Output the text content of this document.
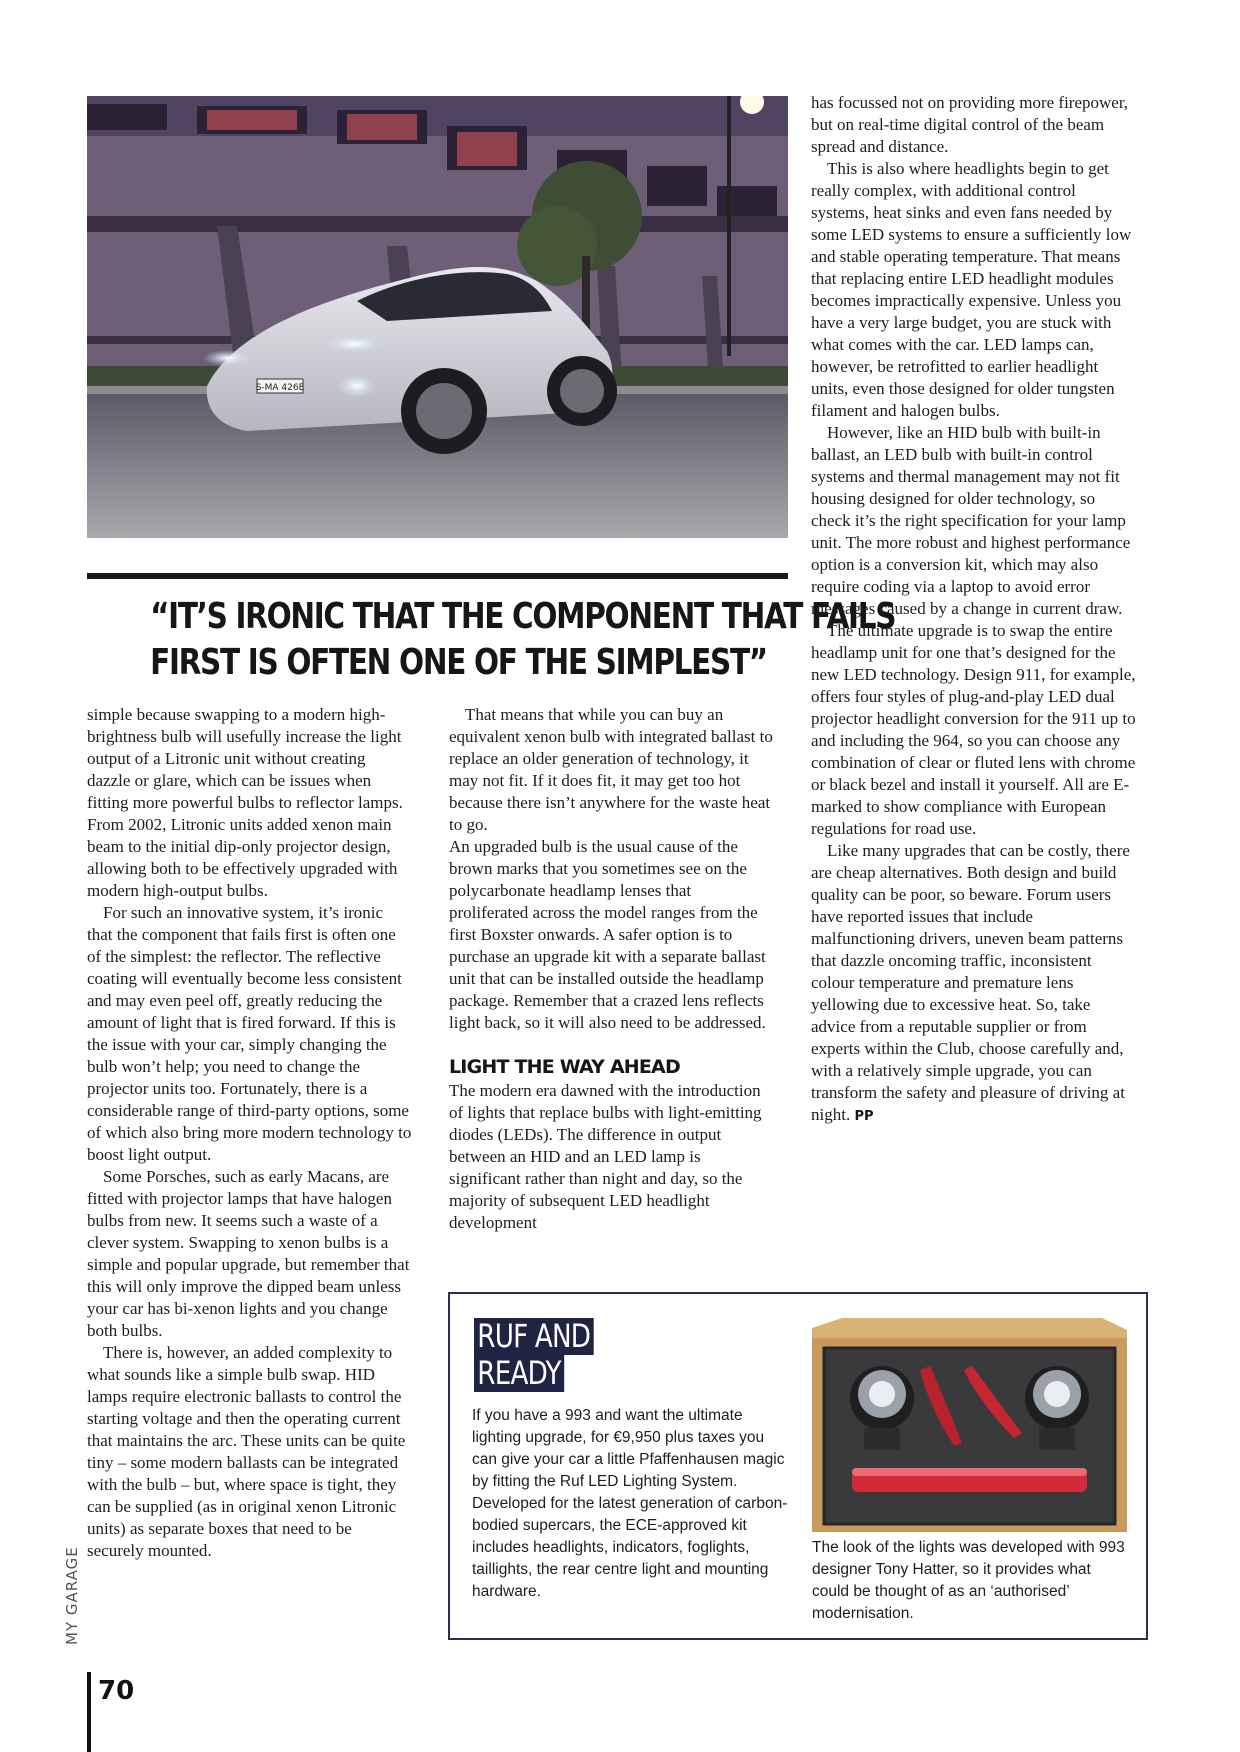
S-MA 426E
“IT’S IRONIC THAT THE COMPONENT THAT FAILS
FIRST IS OFTEN ONE OF THE SIMPLEST”

simple because swapping to a modern high-brightness bulb will usefully increase the light output of a Litronic unit without creating dazzle or glare, which can be issues when fitting more powerful bulbs to reflector lamps. From 2002, Litronic units added xenon main beam to the initial dip-only projector design, allowing both to be effectively upgraded with modern high-output bulbs.

For such an innovative system, it’s ironic that the component that fails first is often one of the simplest: the reflector. The reflective coating will eventually become less consistent and may even peel off, greatly reducing the amount of light that is fired forward. If this is the issue with your car, simply changing the bulb won’t help; you need to change the projector units too. Fortunately, there is a considerable range of third-party options, some of which also bring more modern technology to boost light output.

Some Porsches, such as early Macans, are fitted with projector lamps that have halogen bulbs from new. It seems such a waste of a clever system. Swapping to xenon bulbs is a simple and popular upgrade, but remember that this will only improve the dipped beam unless your car has bi-xenon lights and you change both bulbs.

There is, however, an added complexity to what sounds like a simple bulb swap. HID lamps require electronic ballasts to control the starting voltage and then the operating current that maintains the arc. These units can be quite tiny – some modern ballasts can be integrated with the bulb – but, where space is tight, they can be supplied (as in original xenon Litronic units) as separate boxes that need to be securely mounted.

That means that while you can buy an equivalent xenon bulb with integrated ballast to replace an older generation of technology, it may not fit. If it does fit, it may get too hot because there isn’t anywhere for the waste heat to go.

An upgraded bulb is the usual cause of the brown marks that you sometimes see on the polycarbonate headlamp lenses that proliferated across the model ranges from the first Boxster onwards. A safer option is to purchase an upgrade kit with a separate ballast unit that can be installed outside the headlamp package. Remember that a crazed lens reflects light back, so it will also need to be addressed.

LIGHT THE WAY AHEAD

The modern era dawned with the introduction of lights that replace bulbs with light-emitting diodes (LEDs). The difference in output between an HID and an LED lamp is significant rather than night and day, so the majority of subsequent LED headlight development

has focussed not on providing more firepower, but on real-time digital control of the beam spread and distance.

This is also where headlights begin to get really complex, with additional control systems, heat sinks and even fans needed by some LED systems to ensure a sufficiently low and stable operating temperature. That means that replacing entire LED headlight modules becomes impractically expensive. Unless you have a very large budget, you are stuck with what comes with the car. LED lamps can, however, be retrofitted to earlier headlight units, even those designed for older tungsten filament and halogen bulbs.

However, like an HID bulb with built-in ballast, an LED bulb with built-in control systems and thermal management may not fit housing designed for older technology, so check it’s the right specification for your lamp unit. The more robust and highest performance option is a conversion kit, which may also require coding via a laptop to avoid error messages caused by a change in current draw.

The ultimate upgrade is to swap the entire headlamp unit for one that’s designed for the new LED technology. Design 911, for example, offers four styles of plug-and-play LED dual projector headlight conversion for the 911 up to and including the 964, so you can choose any combination of clear or fluted lens with chrome or black bezel and install it yourself. All are E-marked to show compliance with European regulations for road use.

Like many upgrades that can be costly, there are cheap alternatives. Both design and build quality can be poor, so beware. Forum users have reported issues that include malfunctioning drivers, uneven beam patterns that dazzle oncoming traffic, inconsistent colour temperature and premature lens yellowing due to excessive heat. So, take advice from a reputable supplier or from experts within the Club, choose carefully and, with a relatively simple upgrade, you can transform the safety and pleasure of driving at night. PP

RUF AND
READY

If you have a 993 and want the ultimate lighting upgrade, for €9,950 plus taxes you can give your car a little Pfaffenhausen magic by fitting the Ruf LED Lighting System. Developed for the latest generation of carbon-bodied supercars, the ECE-approved kit includes headlights, indicators, foglights, taillights, the rear centre light and mounting hardware.

The look of the lights was developed with 993 designer Tony Hatter, so it provides what could be thought of as an ‘authorised’ modernisation.

MY GARAGE
70
